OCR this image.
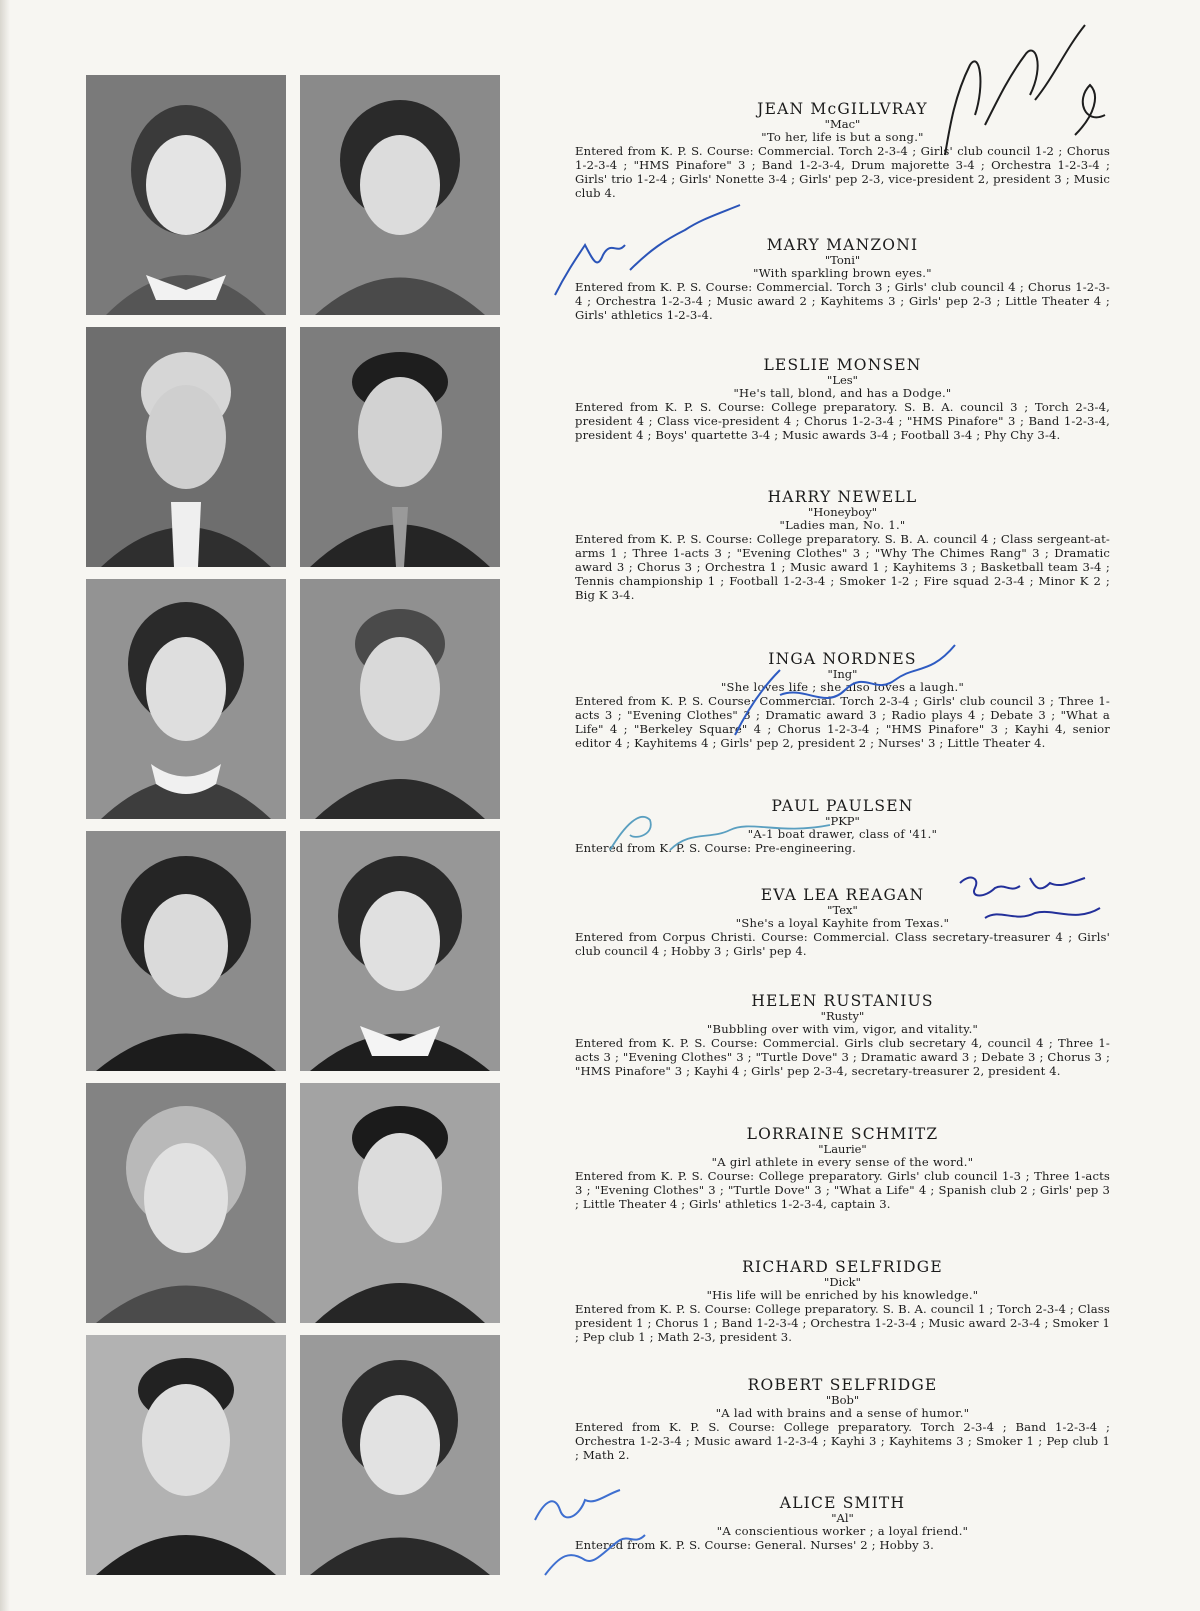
JEAN McGILLVRAY
"Mac"
"To her, life is but a song."
Entered from K. P. S. Course: Commercial. Torch 2-3-4 ; Girls' club council 1-2 ; Chorus 1-2-3-4 ; "HMS Pinafore" 3 ; Band 1-2-3-4, Drum majorette 3-4 ; Orchestra 1-2-3-4 ; Girls' trio 1-2-4 ; Girls' Nonette 3-4 ; Girls' pep 2-3, vice-president 2, president 3 ; Music club 4.
MARY MANZONI
"Toni"
"With sparkling brown eyes."
Entered from K. P. S. Course: Commercial. Torch 3 ; Girls' club council 4 ; Chorus 1-2-3-4 ; Orchestra 1-2-3-4 ; Music award 2 ; Kayhitems 3 ; Girls' pep 2-3 ; Little Theater 4 ; Girls' athletics 1-2-3-4.
LESLIE MONSEN
"Les"
"He's tall, blond, and has a Dodge."
Entered from K. P. S. Course: College preparatory. S. B. A. council 3 ; Torch 2-3-4, president 4 ; Class vice-president 4 ; Chorus 1-2-3-4 ; "HMS Pinafore" 3 ; Band 1-2-3-4, president 4 ; Boys' quartette 3-4 ; Music awards 3-4 ; Football 3-4 ; Phy Chy 3-4.
HARRY NEWELL
"Honeyboy"
"Ladies man, No. 1."
Entered from K. P. S. Course: College preparatory. S. B. A. council 4 ; Class sergeant-at-arms 1 ; Three 1-acts 3 ; "Evening Clothes" 3 ; "Why The Chimes Rang" 3 ; Dramatic award 3 ; Chorus 3 ; Orchestra 1 ; Music award 1 ; Kayhitems 3 ; Basketball team 3-4 ; Tennis championship 1 ; Football 1-2-3-4 ; Smoker 1-2 ; Fire squad 2-3-4 ; Minor K 2 ; Big K 3-4.
INGA NORDNES
"Ing"
"She loves life ; she also loves a laugh."
Entered from K. P. S. Course: Commercial. Torch 2-3-4 ; Girls' club council 3 ; Three 1-acts 3 ; "Evening Clothes" 3 ; Dramatic award 3 ; Radio plays 4 ; Debate 3 ; "What a Life" 4 ; "Berkeley Square" 4 ; Chorus 1-2-3-4 ; "HMS Pinafore" 3 ; Kayhi 4, senior editor 4 ; Kayhitems 4 ; Girls' pep 2, president 2 ; Nurses' 3 ; Little Theater 4.
PAUL PAULSEN
"PKP"
"A-1 boat drawer, class of '41."
Entered from K. P. S. Course: Pre-engineering.
EVA LEA REAGAN
"Tex"
"She's a loyal Kayhite from Texas."
Entered from Corpus Christi. Course: Commercial. Class secretary-treasurer 4 ; Girls' club council 4 ; Hobby 3 ; Girls' pep 4.
HELEN RUSTANIUS
"Rusty"
"Bubbling over with vim, vigor, and vitality."
Entered from K. P. S. Course: Commercial. Girls club secretary 4, council 4 ; Three 1-acts 3 ; "Evening Clothes" 3 ; "Turtle Dove" 3 ; Dramatic award 3 ; Debate 3 ; Chorus 3 ; "HMS Pinafore" 3 ; Kayhi 4 ; Girls' pep 2-3-4, secretary-treasurer 2, president 4.
LORRAINE SCHMITZ
"Laurie"
"A girl athlete in every sense of the word."
Entered from K. P. S. Course: College preparatory. Girls' club council 1-3 ; Three 1-acts 3 ; "Evening Clothes" 3 ; "Turtle Dove" 3 ; "What a Life" 4 ; Spanish club 2 ; Girls' pep 3 ; Little Theater 4 ; Girls' athletics 1-2-3-4, captain 3.
RICHARD SELFRIDGE
"Dick"
"His life will be enriched by his knowledge."
Entered from K. P. S. Course: College preparatory. S. B. A. council 1 ; Torch 2-3-4 ; Class president 1 ; Chorus 1 ; Band 1-2-3-4 ; Orchestra 1-2-3-4 ; Music award 2-3-4 ; Smoker 1 ; Pep club 1 ; Math 2-3, president 3.
ROBERT SELFRIDGE
"Bob"
"A lad with brains and a sense of humor."
Entered from K. P. S. Course: College preparatory. Torch 2-3-4 ; Band 1-2-3-4 ; Orchestra 1-2-3-4 ; Music award 1-2-3-4 ; Kayhi 3 ; Kayhitems 3 ; Smoker 1 ; Pep club 1 ; Math 2.
ALICE SMITH
"Al"
"A conscientious worker ; a loyal friend."
Entered from K. P. S. Course: General. Nurses' 2 ; Hobby 3.
